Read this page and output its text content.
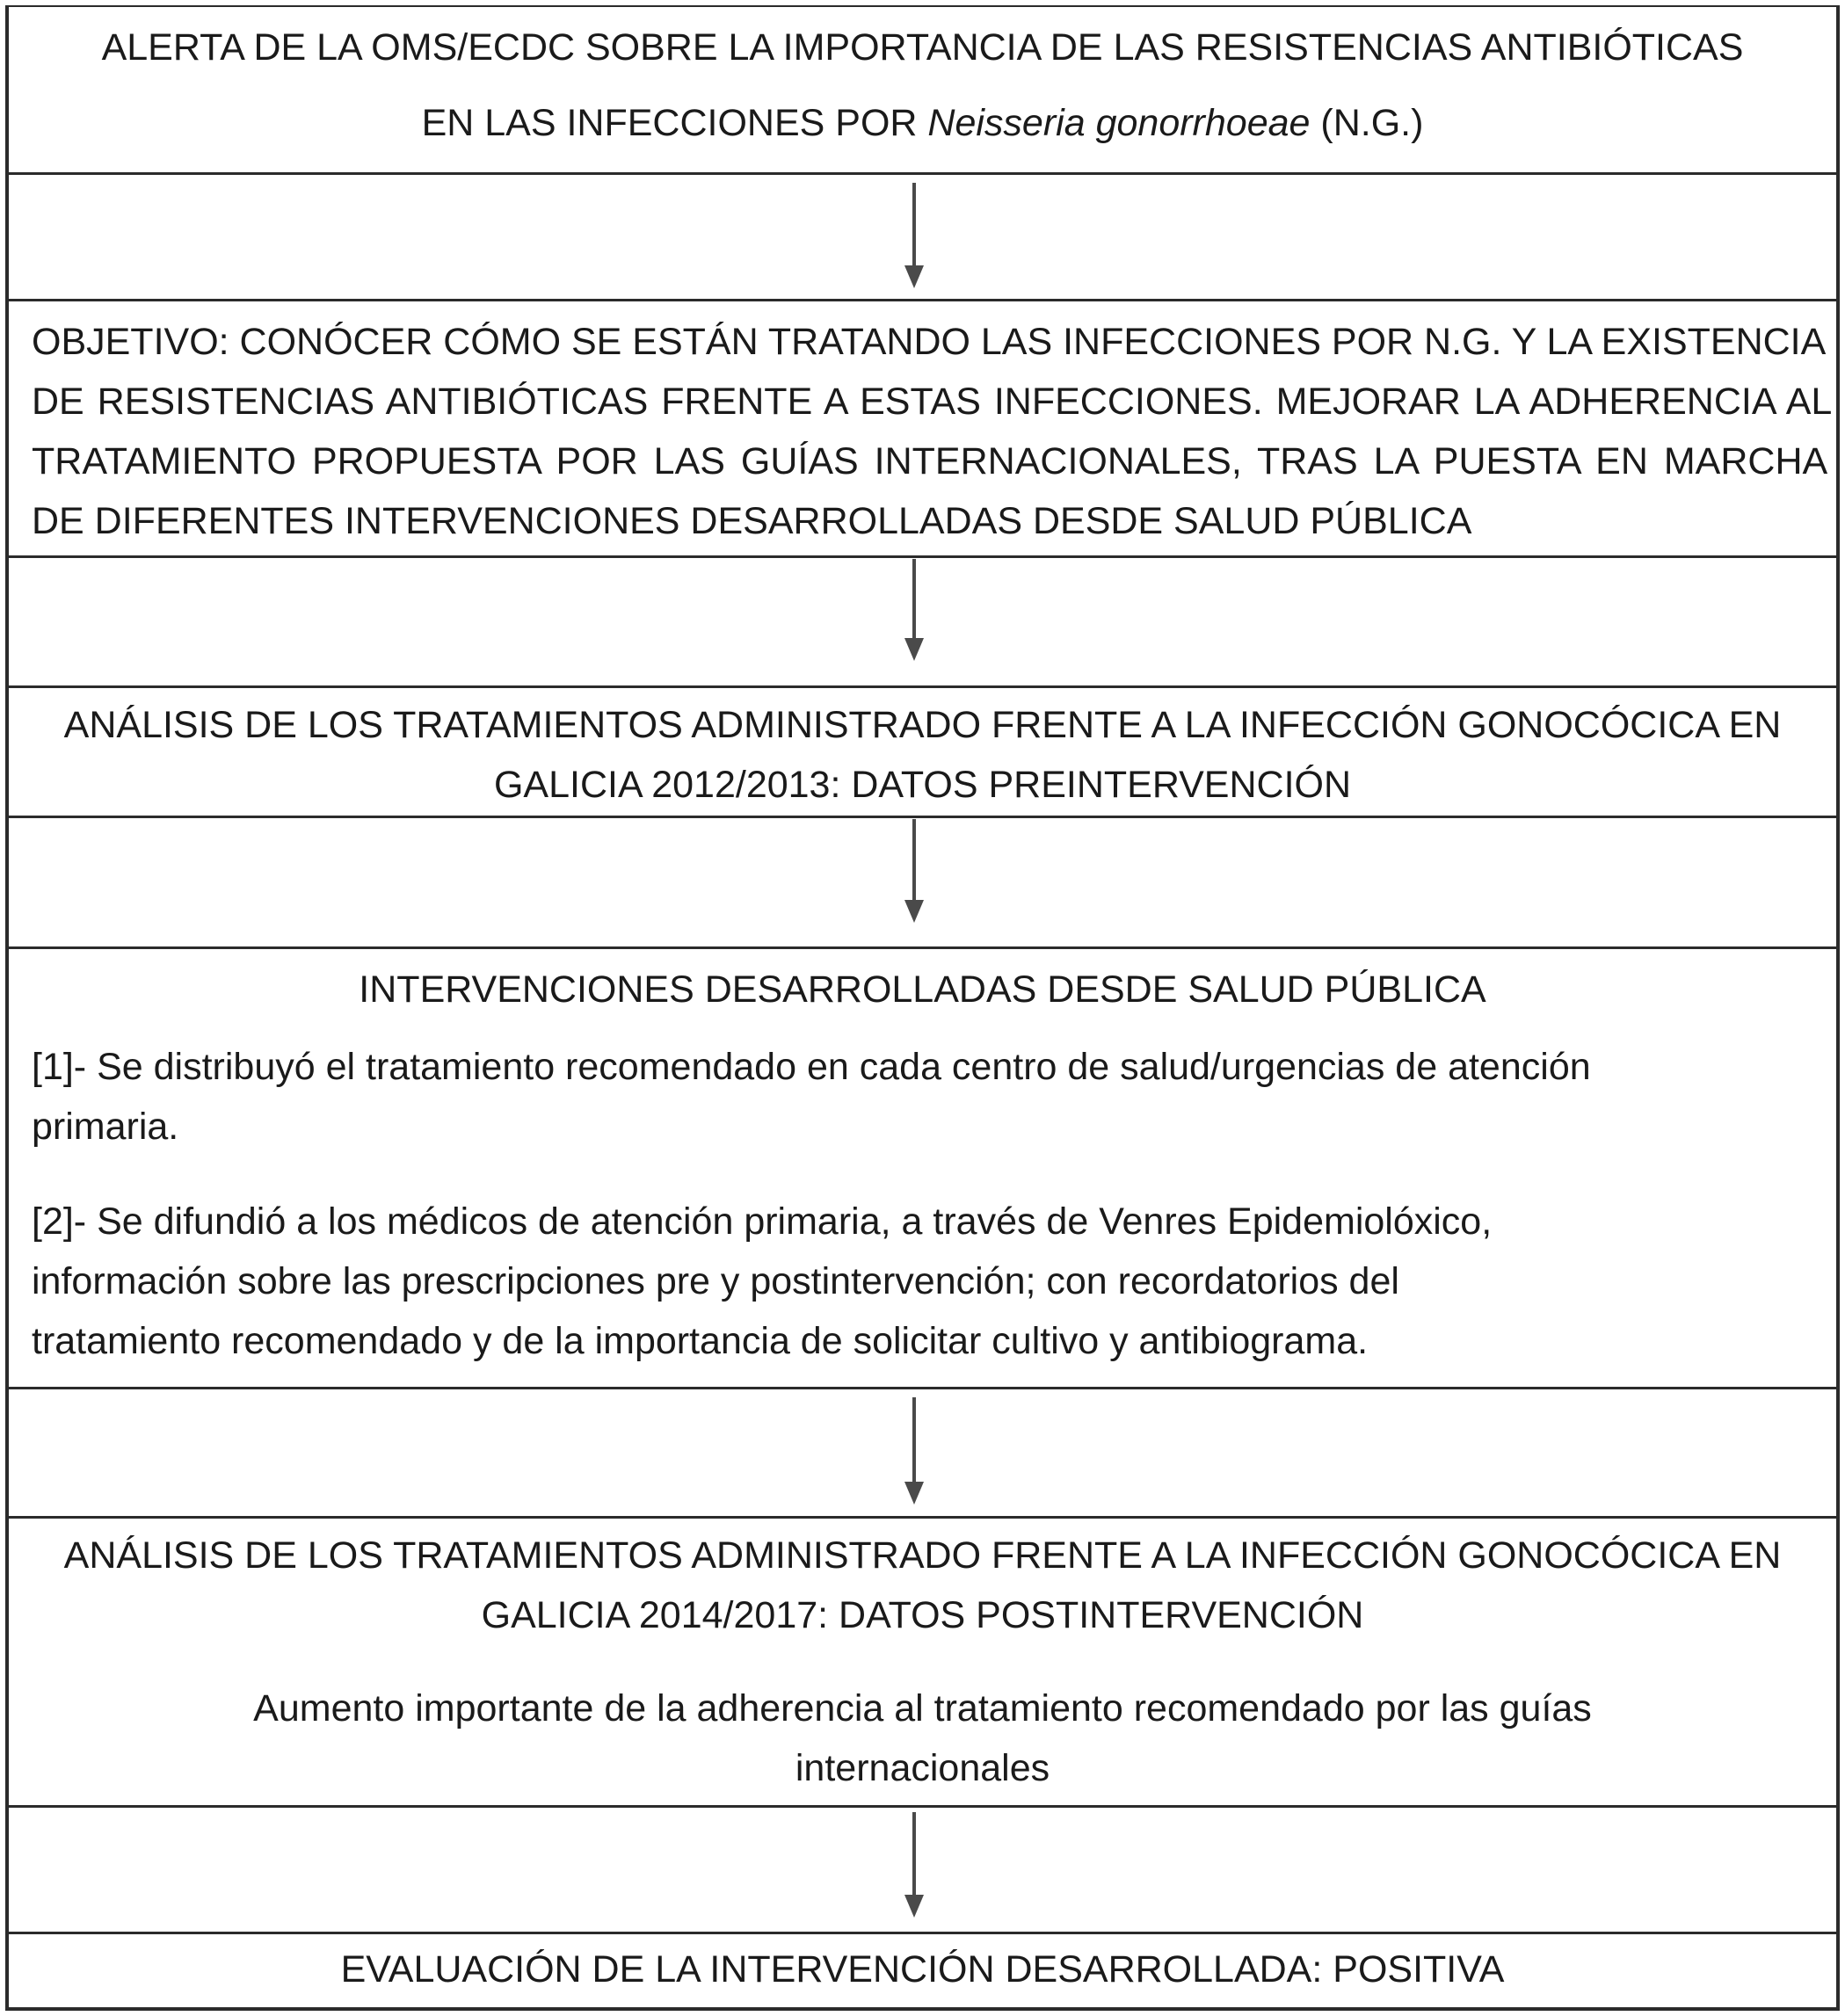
ALERTA DE LA OMS/ECDC SOBRE LA IMPORTANCIA DE LAS RESISTENCIAS ANTIBIÓTICAS
EN LAS INFECCIONES POR Neisseria gonorrhoeae (N.G.)
OBJETIVO: CONÓCER CÓMO SE ESTÁN TRATANDO LAS INFECCIONES POR N.G. Y LA EXISTENCIA
DE RESISTENCIAS ANTIBIÓTICAS FRENTE A ESTAS INFECCIONES. MEJORAR LA ADHERENCIA AL
TRATAMIENTO PROPUESTA POR LAS GUÍAS INTERNACIONALES, TRAS LA PUESTA EN MARCHA
DE DIFERENTES INTERVENCIONES DESARROLLADAS DESDE SALUD PÚBLICA
ANÁLISIS DE LOS TRATAMIENTOS ADMINISTRADO FRENTE A LA INFECCIÓN GONOCÓCICA EN
GALICIA 2012/2013: DATOS PREINTERVENCIÓN
INTERVENCIONES DESARROLLADAS DESDE SALUD PÚBLICA
[1]- Se distribuyó el tratamiento recomendado en cada centro de salud/urgencias de atención
primaria.
[2]- Se difundió a los médicos de atención primaria, a través de Venres Epidemiolóxico,
información sobre las prescripciones pre y postintervención; con recordatorios del
tratamiento recomendado y de la importancia de solicitar cultivo y antibiograma.
ANÁLISIS DE LOS TRATAMIENTOS ADMINISTRADO FRENTE A LA INFECCIÓN GONOCÓCICA EN
GALICIA 2014/2017: DATOS POSTINTERVENCIÓN
Aumento importante de la adherencia al tratamiento recomendado por las guías
internacionales
EVALUACIÓN DE LA INTERVENCIÓN DESARROLLADA: POSITIVA
